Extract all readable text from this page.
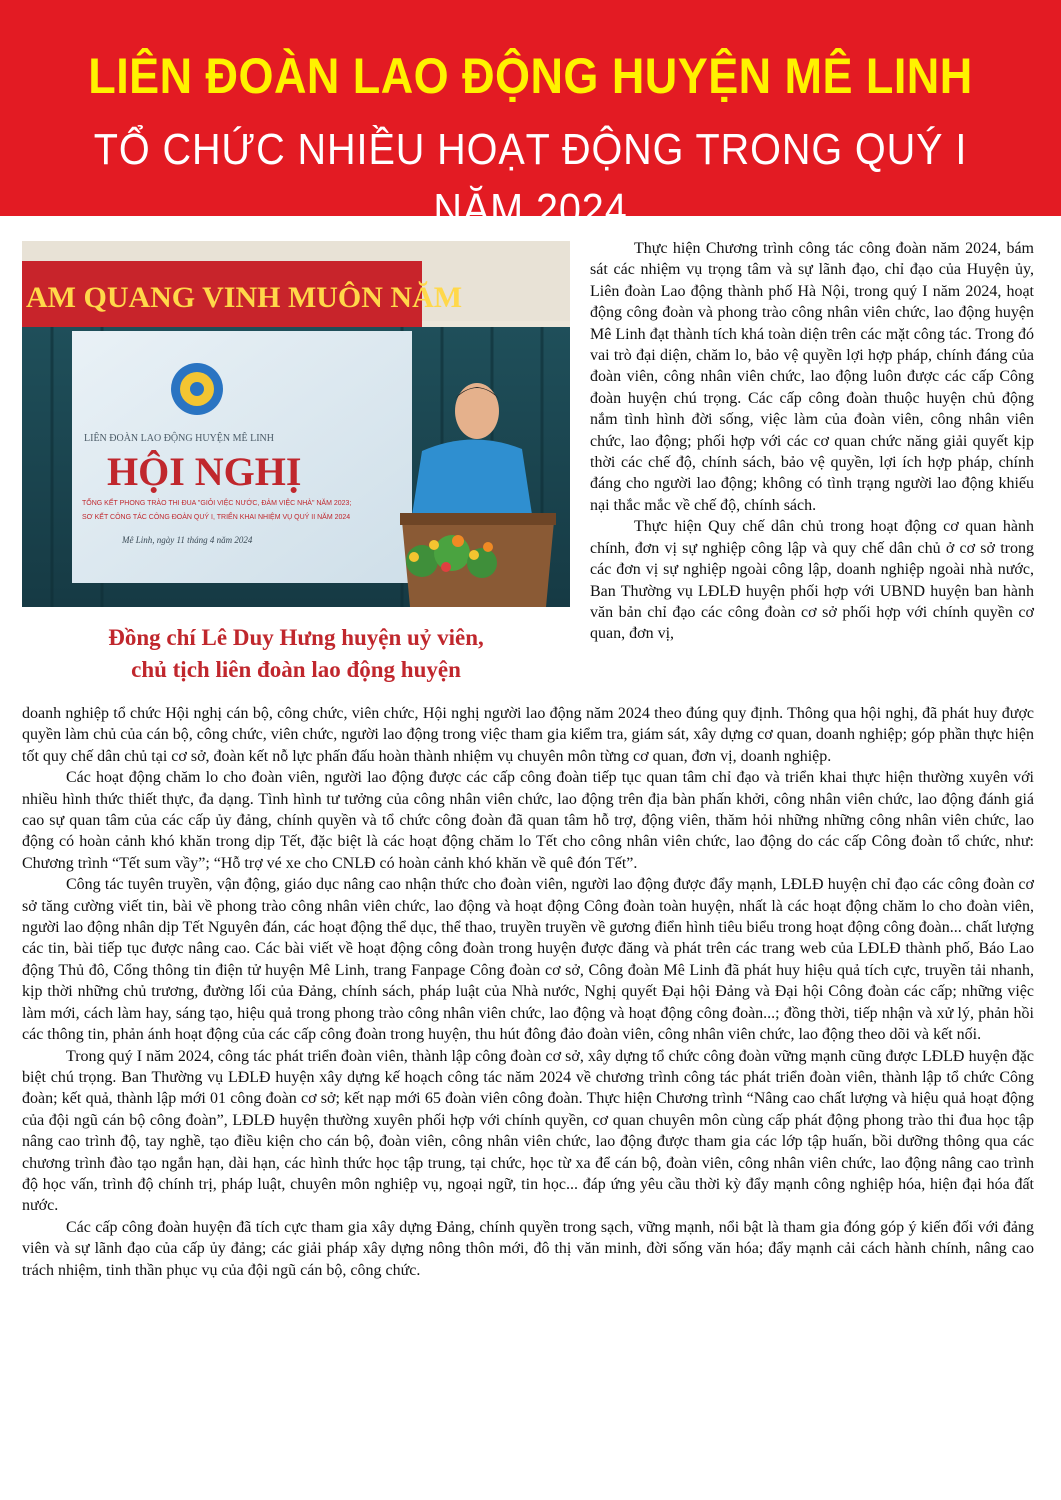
LIÊN ĐOÀN LAO ĐỘNG HUYỆN MÊ LINH
TỔ CHỨC NHIỀU HOẠT ĐỘNG TRONG QUÝ I NĂM 2024
AM QUANG VINH MUÔN NĂM
LIÊN ĐOÀN LAO ĐỘNG HUYỆN MÊ LINH
HỘI NGHỊ
TỔNG KẾT PHONG TRÀO THI ĐUA "GIỎI VIỆC NƯỚC, ĐẢM VIỆC NHÀ" NĂM 2023;
SƠ KẾT CÔNG TÁC CÔNG ĐOÀN QUÝ I, TRIỂN KHAI NHIỆM VỤ QUÝ II NĂM 2024
Mê Linh, ngày 11 tháng 4 năm 2024
Đồng chí Lê Duy Hưng huyện uỷ viên,
chủ tịch liên đoàn lao động huyện

Thực hiện Chương trình công tác công đoàn năm 2024, bám sát các nhiệm vụ trọng tâm và sự lãnh đạo, chỉ đạo của Huyện ủy, Liên đoàn Lao động thành phố Hà Nội, trong quý I năm 2024, hoạt động công đoàn và phong trào công nhân viên chức, lao động huyện Mê Linh đạt thành tích khá toàn diện trên các mặt công tác. Trong đó vai trò đại diện, chăm lo, bảo vệ quyền lợi hợp pháp, chính đáng của đoàn viên, công nhân viên chức, lao động luôn được các cấp Công đoàn huyện chú trọng. Các cấp công đoàn thuộc huyện chủ động nắm tình hình đời sống, việc làm của đoàn viên, công nhân viên chức, lao động; phối hợp với các cơ quan chức năng giải quyết kịp thời các chế độ, chính sách, bảo vệ quyền, lợi ích hợp pháp, chính đáng cho người lao động; không có tình trạng người lao động khiếu nại thắc mắc về chế độ, chính sách.

Thực hiện Quy chế dân chủ trong hoạt động cơ quan hành chính, đơn vị sự nghiệp công lập và quy chế dân chủ ở cơ sở trong các đơn vị sự nghiệp ngoài công lập, doanh nghiệp ngoài nhà nước, Ban Thường vụ LĐLĐ huyện phối hợp với UBND huyện ban hành văn bản chỉ đạo các công đoàn cơ sở phối hợp với chính quyền cơ quan, đơn vị,

doanh nghiệp tổ chức Hội nghị cán bộ, công chức, viên chức, Hội nghị người lao động năm 2024 theo đúng quy định. Thông qua hội nghị, đã phát huy được quyền làm chủ của cán bộ, công chức, viên chức, người lao động trong việc tham gia kiểm tra, giám sát, xây dựng cơ quan, doanh nghiệp; góp phần thực hiện tốt quy chế dân chủ tại cơ sở, đoàn kết nỗ lực phấn đấu hoàn thành nhiệm vụ chuyên môn từng cơ quan, đơn vị, doanh nghiệp.

Các hoạt động chăm lo cho đoàn viên, người lao động được các cấp công đoàn tiếp tục quan tâm chỉ đạo và triển khai thực hiện thường xuyên với nhiều hình thức thiết thực, đa dạng. Tình hình tư tưởng của công nhân viên chức, lao động trên địa bàn phấn khởi, công nhân viên chức, lao động đánh giá cao sự quan tâm của các cấp ủy đảng, chính quyền và tổ chức công đoàn đã quan tâm hỗ trợ, động viên, thăm hỏi những những công nhân viên chức, lao động có hoàn cảnh khó khăn trong dịp Tết, đặc biệt là các hoạt động chăm lo Tết cho công nhân viên chức, lao động do các cấp Công đoàn tổ chức, như: Chương trình “Tết sum vầy”; “Hỗ trợ vé xe cho CNLĐ có hoàn cảnh khó khăn về quê đón Tết”.

Công tác tuyên truyền, vận động, giáo dục nâng cao nhận thức cho đoàn viên, người lao động được đẩy mạnh, LĐLĐ huyện chỉ đạo các công đoàn cơ sở tăng cường viết tin, bài về phong trào công nhân viên chức, lao động và hoạt động Công đoàn toàn huyện, nhất là các hoạt động chăm lo cho đoàn viên, người lao động nhân dịp Tết Nguyên đán, các hoạt động thể dục, thể thao, truyền truyền về gương điển hình tiêu biểu trong hoạt động công đoàn... chất lượng các tin, bài tiếp tục được nâng cao. Các bài viết về hoạt động công đoàn trong huyện được đăng và phát trên các trang web của LĐLĐ thành phố, Báo Lao động Thủ đô, Cổng thông tin điện tử huyện Mê Linh, trang Fanpage Công đoàn cơ sở, Công đoàn Mê Linh đã phát huy hiệu quả tích cực, truyền tải nhanh, kịp thời những chủ trương, đường lối của Đảng, chính sách, pháp luật của Nhà nước, Nghị quyết Đại hội Đảng và Đại hội Công đoàn các cấp; những việc làm mới, cách làm hay, sáng tạo, hiệu quả trong phong trào công nhân viên chức, lao động và hoạt động công đoàn...; đồng thời, tiếp nhận và xử lý, phản hồi các thông tin, phản ánh hoạt động của các cấp công đoàn trong huyện, thu hút đông đảo đoàn viên, công nhân viên chức, lao động theo dõi và kết nối.

Trong quý I năm 2024, công tác phát triển đoàn viên, thành lập công đoàn cơ sở, xây dựng tổ chức công đoàn vững mạnh cũng được LĐLĐ huyện đặc biệt chú trọng. Ban Thường vụ LĐLĐ huyện xây dựng kế hoạch công tác năm 2024 về chương trình công tác phát triển đoàn viên, thành lập tổ chức Công đoàn; kết quả, thành lập mới 01 công đoàn cơ sở; kết nạp mới 65 đoàn viên công đoàn. Thực hiện Chương trình “Nâng cao chất lượng và hiệu quả hoạt động của đội ngũ cán bộ công đoàn”, LĐLĐ huyện thường xuyên phối hợp với chính quyền, cơ quan chuyên môn cùng cấp phát động phong trào thi đua học tập nâng cao trình độ, tay nghề, tạo điều kiện cho cán bộ, đoàn viên, công nhân viên chức, lao động được tham gia các lớp tập huấn, bồi dưỡng thông qua các chương trình đào tạo ngắn hạn, dài hạn, các hình thức học tập trung, tại chức, học từ xa để cán bộ, đoàn viên, công nhân viên chức, lao động nâng cao trình độ học vấn, trình độ chính trị, pháp luật, chuyên môn nghiệp vụ, ngoại ngữ, tin học... đáp ứng yêu cầu thời kỳ đẩy mạnh công nghiệp hóa, hiện đại hóa đất nước.

Các cấp công đoàn huyện đã tích cực tham gia xây dựng Đảng, chính quyền trong sạch, vững mạnh, nổi bật là tham gia đóng góp ý kiến đối với đảng viên và sự lãnh đạo của cấp ủy đảng; các giải pháp xây dựng nông thôn mới, đô thị văn minh, đời sống văn hóa; đẩy mạnh cải cách hành chính, nâng cao trách nhiệm, tinh thần phục vụ của đội ngũ cán bộ, công chức.
